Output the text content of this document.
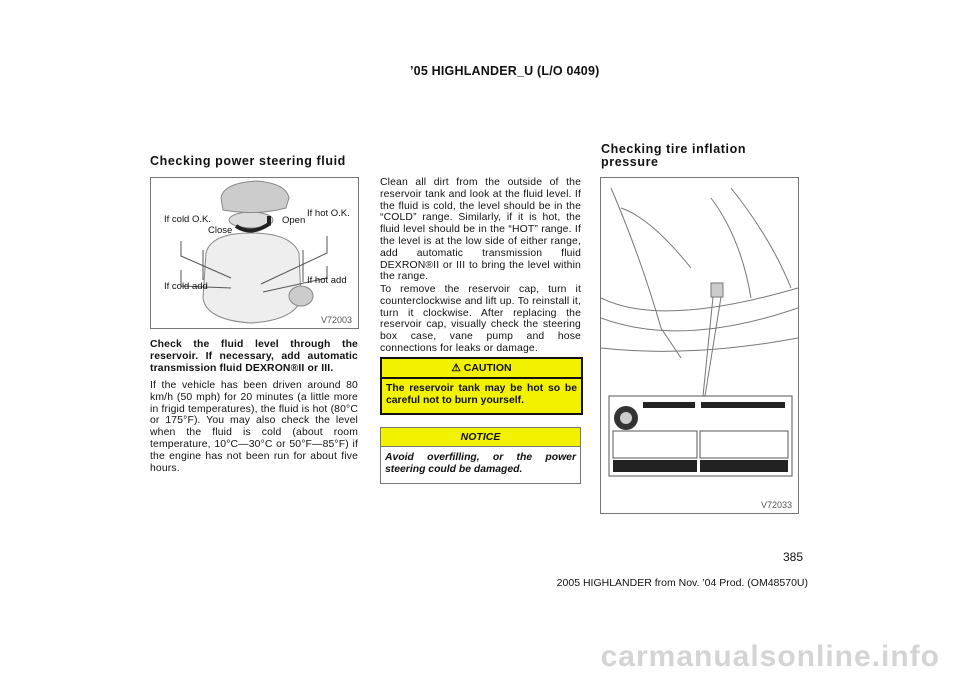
’05 HIGHLANDER_U (L/O 0409)
Checking power steering fluid
If cold O.K.
Close
Open
If hot O.K.
If cold add
If hot add
V72003
Check the fluid level through the reservoir. If necessary, add automatic transmission fluid DEXRON®II or III.
If the vehicle has been driven around 80 km/h (50 mph) for 20 minutes (a little more in frigid temperatures), the fluid is hot (80°C or 175°F). You may also check the level when the fluid is cold (about room temperature, 10°C—30°C or 50°F—85°F) if the engine has not been run for about five hours.
Clean all dirt from the outside of the reservoir tank and look at the fluid level. If the fluid is cold, the level should be in the “COLD” range. Similarly, if it is hot, the fluid level should be in the “HOT” range. If the level is at the low side of either range, add automatic transmission fluid DEXRON®II or III to bring the level within the range.
To remove the reservoir cap, turn it counterclockwise and lift up. To reinstall it, turn it clockwise. After replacing the reservoir cap, visually check the steering box case, vane pump and hose connections for leaks or damage.
⚠ CAUTION
The reservoir tank may be hot so be careful not to burn yourself.
NOTICE
Avoid overfilling, or the power steering could be damaged.
Checking tire inflation pressure
V72033
385
2005 HIGHLANDER from Nov. ’04 Prod. (OM48570U)
carmanualsonline.info
